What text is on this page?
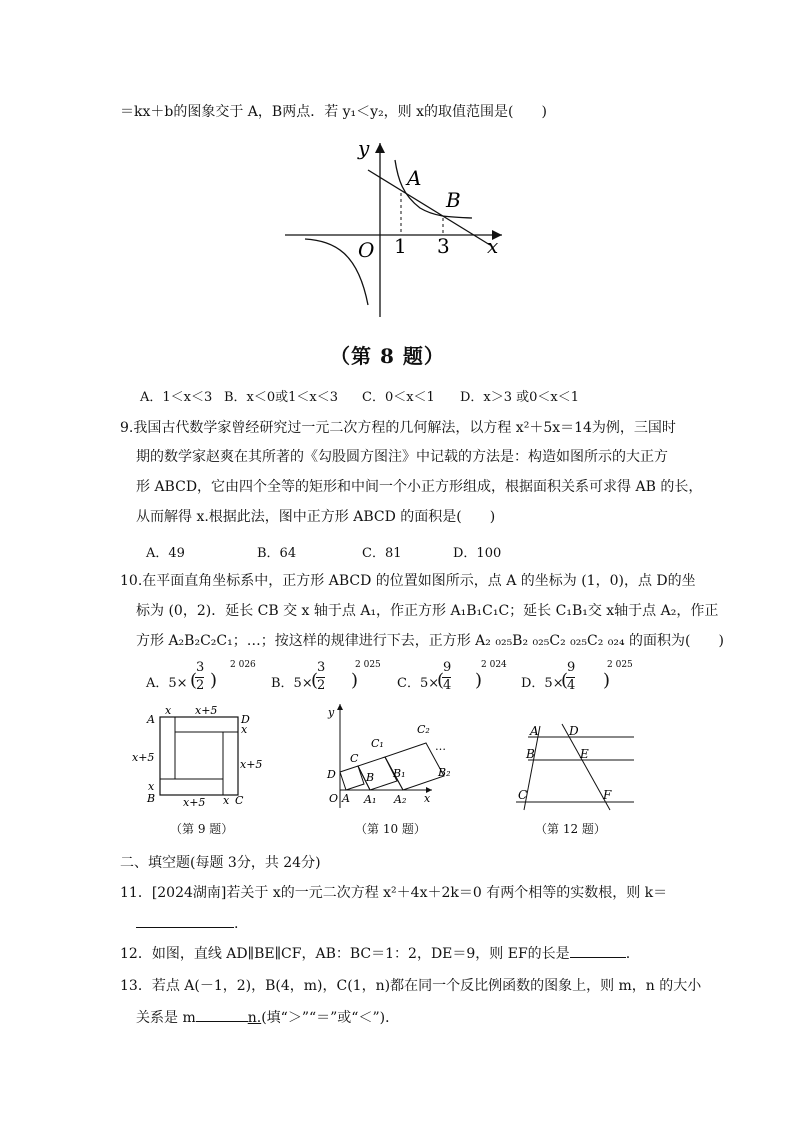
＝kx＋b的图象交于 A，B两点．若 y₁＜y₂，则 x的取值范围是(　　)
y
x
A
B
O 1 3
（第 8 题）
A．1＜x＜3 B．x＜0或1＜x＜3 C．0＜x＜1 D．x＞3 或0＜x＜1
9.我国古代数学家曾经研究过一元二次方程的几何解法，以方程 x²＋5x＝14为例，三国时
期的数学家赵爽在其所著的《勾股圆方图注》中记载的方法是：构造如图所示的大正方
形 ABCD，它由四个全等的矩形和中间一个小正方形组成，根据面积关系可求得 AB 的长，
从而解得 x.根据此法，图中正方形 ABCD 的面积是(　　)
A．49	B．64	C．81	D．100
10.在平面直角坐标系中，正方形 ABCD 的位置如图所示，点 A 的坐标为 (1，0)，点 D的坐
标为 (0，2)．延长 CB 交 x 轴于点 A₁，作正方形 A₁B₁C₁C；延长 C₁B₁交 x轴于点 A₂，作正
方形 A₂B₂C₂C₁；…；按这样的规律进行下去，正方形 A₂ ₀₂₅B₂ ₀₂₅C₂ ₀₂₅C₂ ₀₂₄ 的面积为(　　)
A．5× (
3
2 )
2 026
B．5×
(
3
2 )
2 025
C．5×
(
9
4 )
2 024
D．5×
(
9
4 )
2 025
A
x x+5
D
x
x+5
x+5
x
B	x+5 x C
（第 9 题）
y
x
O A A₁ A₂
D	B
C
C₁
B₁
C₂
B₂
…
（第 10 题）
A	D
B	E
C	F
（第 12 题）
二、填空题(每题 3分，共 24分)
11．[2024湖南]若关于 x的一元二次方程 x²＋4x＋2k＝0 有两个相等的实数根，则 k＝
.
12．如图，直线 AD∥BE∥CF，AB：BC＝1：2，DE＝9，则 EF的长是	.
13．若点 A(－1，2)，B(4，m)，C(1，n)都在同一个反比例函数的图象上，则 m，n 的大小
关系是 m	n.(填“＞”“＝”或“＜”)．
